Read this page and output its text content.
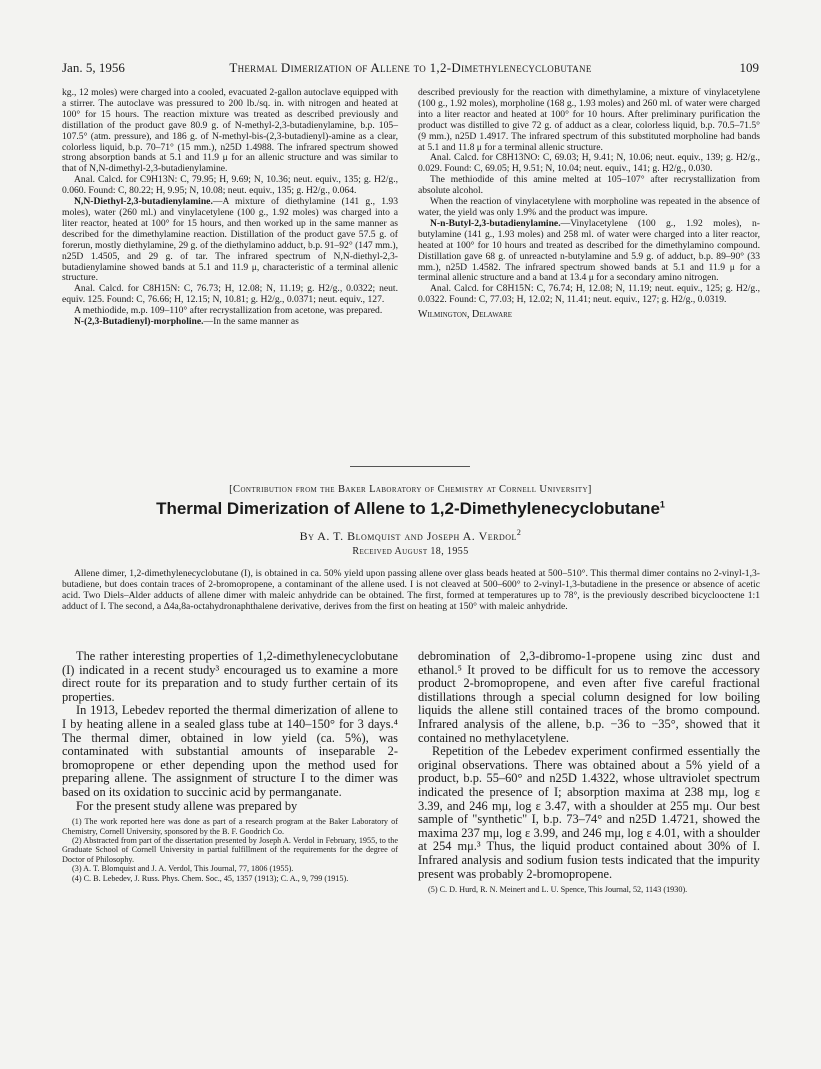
Jan. 5, 1956	Thermal Dimerization of Allene to 1,2-Dimethylenecyclobutane	109

kg., 12 moles) were charged into a cooled, evacuated 2-gallon autoclave equipped with a stirrer. The autoclave was pressured to 200 lb./sq. in. with nitrogen and heated at 100° for 15 hours. The reaction mixture was treated as described previously and distillation of the product gave 80.9 g. of N-methyl-2,3-butadienylamine, b.p. 105–107.5° (atm. pressure), and 186 g. of N-methyl-bis-(2,3-butadienyl)-amine as a clear, colorless liquid, b.p. 70–71° (15 mm.), n25D 1.4988. The infrared spectrum showed strong absorption bands at 5.1 and 11.9 μ for an allenic structure and was similar to that of N,N-dimethyl-2,3-butadienylamine.

Anal. Calcd. for C9H13N: C, 79.95; H, 9.69; N, 10.36; neut. equiv., 135; g. H2/g., 0.060. Found: C, 80.22; H, 9.95; N, 10.08; neut. equiv., 135; g. H2/g., 0.064.

N,N-Diethyl-2,3-butadienylamine.—A mixture of diethylamine (141 g., 1.93 moles), water (260 ml.) and vinylacetylene (100 g., 1.92 moles) was charged into a liter reactor, heated at 100° for 15 hours, and then worked up in the same manner as described for the dimethylamine reaction. Distillation of the product gave 57.5 g. of forerun, mostly diethylamine, 29 g. of the diethylamino adduct, b.p. 91–92° (147 mm.), n25D 1.4505, and 29 g. of tar. The infrared spectrum of N,N-diethyl-2,3-butadienylamine showed bands at 5.1 and 11.9 μ, characteristic of a terminal allenic structure.

Anal. Calcd. for C8H15N: C, 76.73; H, 12.08; N, 11.19; g. H2/g., 0.0322; neut. equiv. 125. Found: C, 76.66; H, 12.15; N, 10.81; g. H2/g., 0.0371; neut. equiv., 127.

A methiodide, m.p. 109–110° after recrystallization from acetone, was prepared.

N-(2,3-Butadienyl)-morpholine.—In the same manner as

described previously for the reaction with dimethylamine, a mixture of vinylacetylene (100 g., 1.92 moles), morpholine (168 g., 1.93 moles) and 260 ml. of water were charged into a liter reactor and heated at 100° for 10 hours. After preliminary purification the product was distilled to give 72 g. of adduct as a clear, colorless liquid, b.p. 70.5–71.5° (9 mm.), n25D 1.4917. The infrared spectrum of this substituted morpholine had bands at 5.1 and 11.8 μ for a terminal allenic structure.

Anal. Calcd. for C8H13NO: C, 69.03; H, 9.41; N, 10.06; neut. equiv., 139; g. H2/g., 0.029. Found: C, 69.05; H, 9.51; N, 10.04; neut. equiv., 141; g. H2/g., 0.030.

The methiodide of this amine melted at 105–107° after recrystallization from absolute alcohol.

When the reaction of vinylacetylene with morpholine was repeated in the absence of water, the yield was only 1.9% and the product was impure.

N-n-Butyl-2,3-butadienylamine.—Vinylacetylene (100 g., 1.92 moles), n-butylamine (141 g., 1.93 moles) and 258 ml. of water were charged into a liter reactor, heated at 100° for 10 hours and treated as described for the dimethylamino compound. Distillation gave 68 g. of unreacted n-butylamine and 5.9 g. of adduct, b.p. 89–90° (33 mm.), n25D 1.4582. The infrared spectrum showed bands at 5.1 and 11.9 μ for a terminal allenic structure and a band at 13.4 μ for a secondary amino nitrogen.

Anal. Calcd. for C8H15N: C, 76.74; H, 12.08; N, 11.19; neut. equiv., 125; g. H2/g., 0.0322. Found: C, 77.03; H, 12.02; N, 11.41; neut. equiv., 127; g. H2/g., 0.0319.

Wilmington, Delaware

[Contribution from the Baker Laboratory of Chemistry at Cornell University]
Thermal Dimerization of Allene to 1,2-Dimethylenecyclobutane$^1$
By A. T. Blomquist and Joseph A. Verdol$^2$
Received August 18, 1955

Allene dimer, 1,2-dimethylenecyclobutane (I), is obtained in ca. 50% yield upon passing allene over glass beads heated at 500–510°. This thermal dimer contains no 2-vinyl-1,3-butadiene, but does contain traces of 2-bromopropene, a contaminant of the allene used. I is not cleaved at 500–600° to 2-vinyl-1,3-butadiene in the presence or absence of acetic acid. Two Diels–Alder adducts of allene dimer with maleic anhydride can be obtained. The first, formed at temperatures up to 78°, is the previously described bicyclooctene 1:1 adduct of I. The second, a Δ4a,8a-octahydronaphthalene derivative, derives from the first on heating at 150° with maleic anhydride.

The rather interesting properties of 1,2-dimethylenecyclobutane (I) indicated in a recent study³ encouraged us to examine a more direct route for its preparation and to study further certain of its properties.

In 1913, Lebedev reported the thermal dimerization of allene to I by heating allene in a sealed glass tube at 140–150° for 3 days.⁴ The thermal dimer, obtained in low yield (ca. 5%), was contaminated with substantial amounts of inseparable 2-bromopropene or ether depending upon the method used for preparing allene. The assignment of structure I to the dimer was based on its oxidation to succinic acid by permanganate.

For the present study allene was prepared by

(1) The work reported here was done as part of a research program at the Baker Laboratory of Chemistry, Cornell University, sponsored by the B. F. Goodrich Co.
(2) Abstracted from part of the dissertation presented by Joseph A. Verdol in February, 1955, to the Graduate School of Cornell University in partial fulfillment of the requirements for the degree of Doctor of Philosophy.
(3) A. T. Blomquist and J. A. Verdol, This Journal, 77, 1806 (1955).
(4) C. B. Lebedev, J. Russ. Phys. Chem. Soc., 45, 1357 (1913); C. A., 9, 799 (1915).

debromination of 2,3-dibromo-1-propene using zinc dust and ethanol.⁵ It proved to be difficult for us to remove the accessory product 2-bromopropene, and even after five careful fractional distillations through a special column designed for low boiling liquids the allene still contained traces of the bromo compound. Infrared analysis of the allene, b.p. −36 to −35°, showed that it contained no methylacetylene.

Repetition of the Lebedev experiment confirmed essentially the original observations. There was obtained about a 5% yield of a product, b.p. 55–60° and n25D 1.4322, whose ultraviolet spectrum indicated the presence of I; absorption maxima at 238 mμ, log ε 3.39, and 246 mμ, log ε 3.47, with a shoulder at 255 mμ. Our best sample of "synthetic" I, b.p. 73–74° and n25D 1.4721, showed the maxima 237 mμ, log ε 3.99, and 246 mμ, log ε 4.01, with a shoulder at 254 mμ.³ Thus, the liquid product contained about 30% of I. Infrared analysis and sodium fusion tests indicated that the impurity present was probably 2-bromopropene.

(5) C. D. Hurd, R. N. Meinert and L. U. Spence, This Journal, 52, 1143 (1930).
